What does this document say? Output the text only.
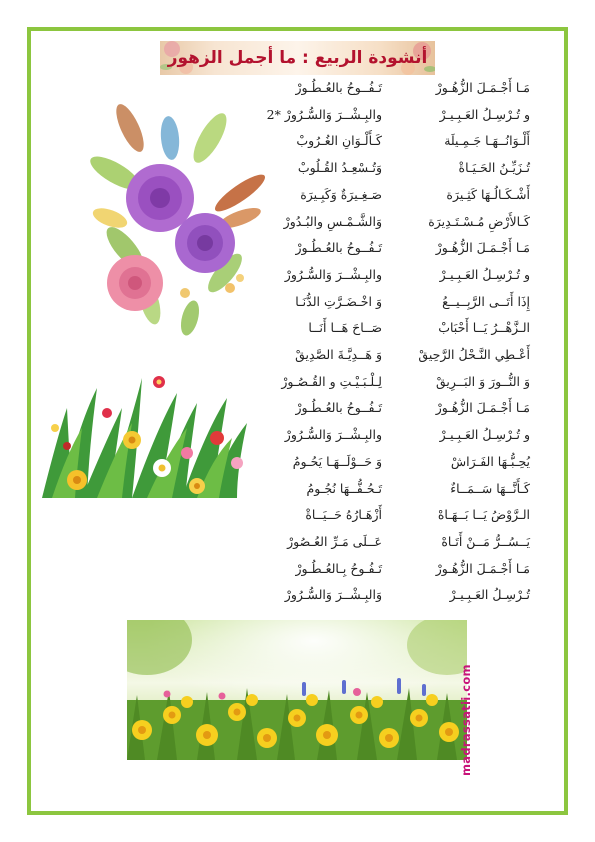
أنشودة الربيع : ما أجمل الزهور
مَـا أَجْـمَـلَ الزُّهُـورْ
تَـفُــوحُ بالعُـطُـورْ
و تُـرْسِـلُ العَـبِـيـرْ
والبِـشْــرَ وَالسُّـرُورْ *2
أَلْـوَانُــهَـا جَـمِـيلَة
كَـأَلْـوَانِ الغُـرُوبْ
تُـزَيِّـنُ الحَـيَـاةْ
وَتُـسْعِـدُ القُـلُوبْ
أَشْـكَـالُـهَا كَثِـيرَة
صَـغِـيرَةٌ وَكَبِـيرَة
كَـالأَرْضِ مُـسْـتَـدِيرَة
وَالشَّـمْـسِ والبُـدُورْ
مَـا أَجْـمَـلَ الزُّهُـورْ
تَـفُــوحُ بالعُـطُـورْ
و تُـرْسِـلُ العَـبِـيـرْ
والبِـشْــرَ وَالسُّـرُورْ
إِذَا أَتَــى الرَّبِــيــعُ
وَ اخْـضَـرَّتِ الدُّنَـا
الـزَّهْــرُ يَــا أَحْبَابْ
صَــاحَ هَــا أَنَــا
أَعْـطِي النَّـحْلُ الرَّحِيقْ
وَ هَــدِيَّـةَ الصَّدِيقْ
وَ النُّــورَ وَ البَــرِيقْ
لِـلْـبَـيْـتِ و القُـصُـورْ
مَـا أَجْـمَـلَ الزُّهُـورْ
تَـفُــوحُ بالعُـطُـورْ
و تُـرْسِـلُ العَـبِـيـرْ
والبِـشْــرَ وَالسُّـرُورْ
يُحِـبُّـهَا الفَـرَاشْ
وَ حَــوْلَــهَـا يَحُـومُ
كَـأَنَّــهَا سَــمَــاءٌ
تَـحُـفُّــهَا نُجُـومُ
الـرَّوْضُ يَــا بَــهَـاهْ
أَزْهَـارُهُ حَــيَــاةْ
يَــسُــرُّ مَــنْ أَتَـاهْ
عَــلَى مَـرِّ العُـصُورْ
مَـا أَجْـمَـلَ الزُّهُـورْ
تَـفُـوحُ بِـالعُـطُـورْ
تُـرْسِـلُ العَـبِـيـرْ
وَالبِـشْــرَ وَالسُّـرُورْ
madrassatii.com
